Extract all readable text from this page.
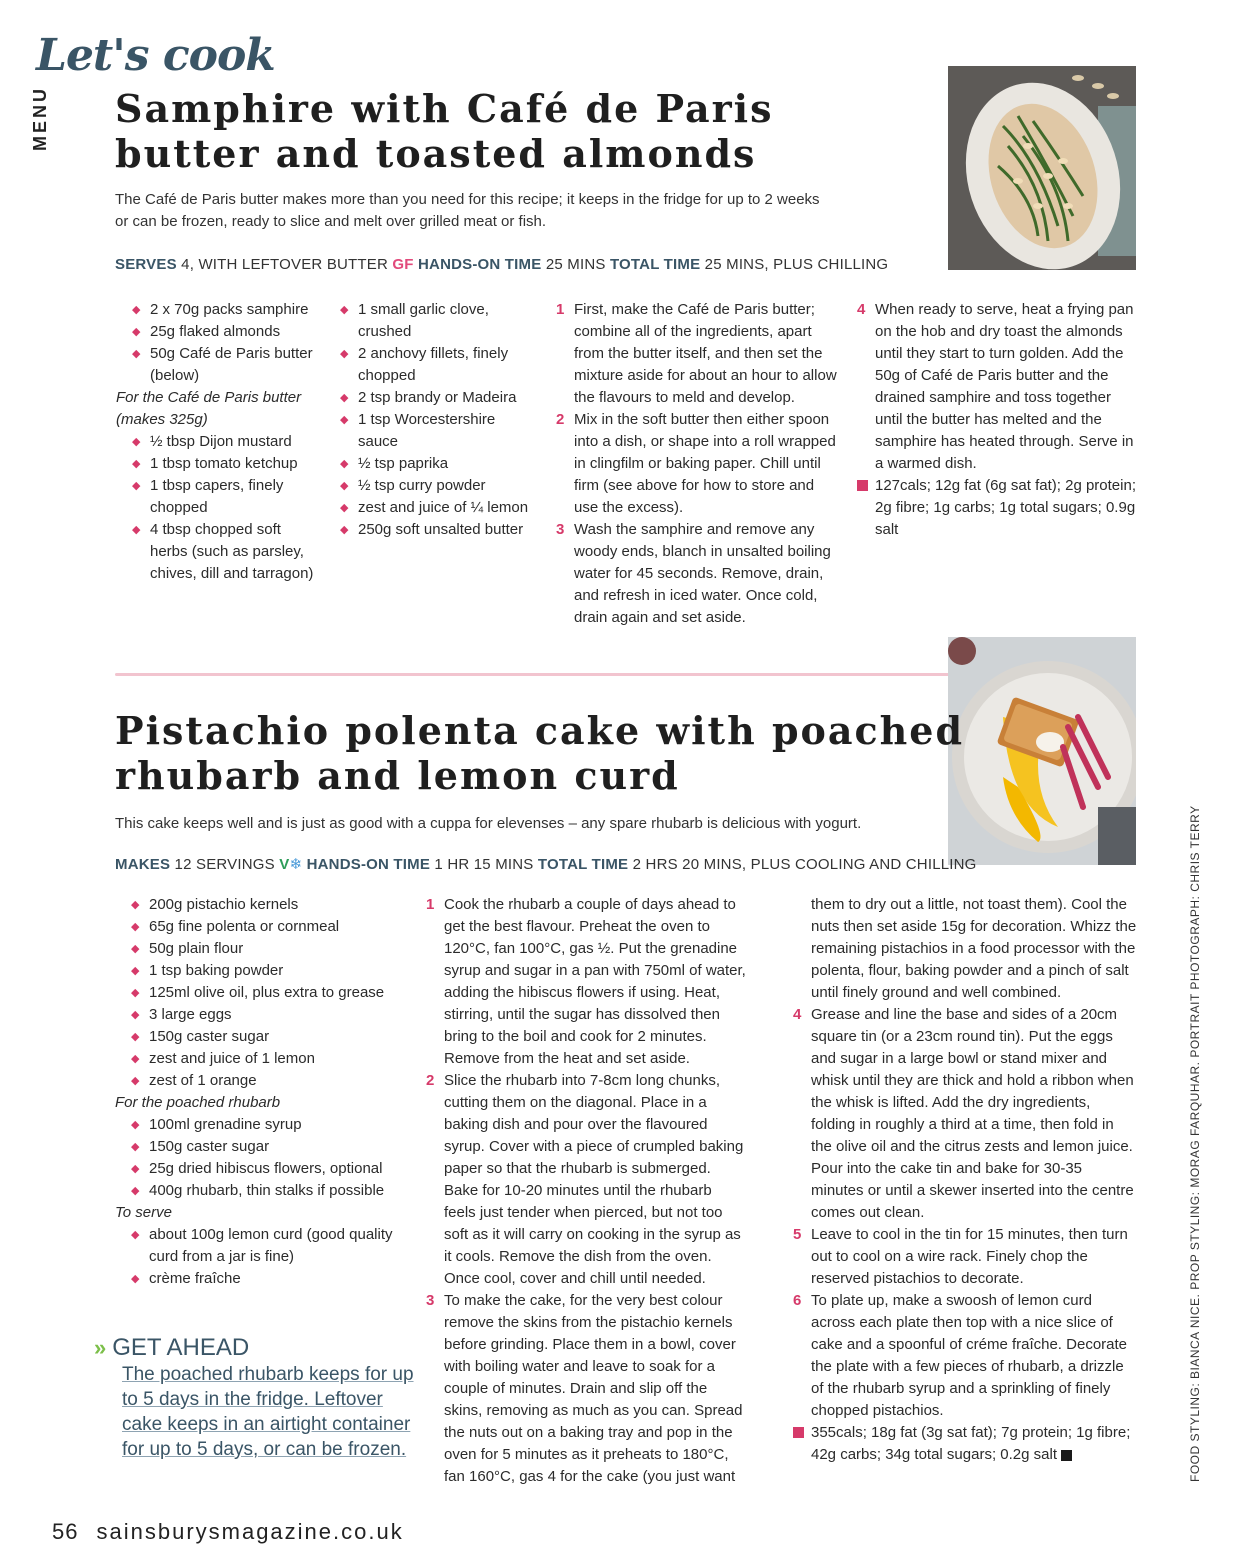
Let's cook
MENU Samphire with Café de Paris
butter and toasted almonds
The Café de Paris butter makes more than you need for this recipe; it keeps in the fridge for up to 2 weeks
or can be frozen, ready to slice and melt over grilled meat or fish.
SERVES 4, WITH LEFTOVER BUTTER GF HANDS-ON TIME 25 MINS TOTAL TIME 25 MINS, PLUS CHILLING
◆ 2 x 70g packs samphire
◆ 25g flaked almonds
◆ 50g Café de Paris butter (below)
For the Café de Paris butter (makes 325g)
◆ ½ tbsp Dijon mustard
◆ 1 tbsp tomato ketchup
◆ 1 tbsp capers, finely chopped
◆ 4 tbsp chopped soft herbs (such as parsley, chives, dill and tarragon)
◆ 1 small garlic clove, crushed
◆ 2 anchovy fillets, finely chopped
◆ 2 tsp brandy or Madeira
◆ 1 tsp Worcestershire sauce
◆ ½ tsp paprika
◆ ½ tsp curry powder
◆ zest and juice of ¼ lemon
◆ 250g soft unsalted butter
1 First, make the Café de Paris butter; combine all of the ingredients, apart from the butter itself, and then set the mixture aside for about an hour to allow the flavours to meld and develop.
2 Mix in the soft butter then either spoon into a dish, or shape into a roll wrapped in clingfilm or baking paper. Chill until firm (see above for how to store and use the excess).
3 Wash the samphire and remove any woody ends, blanch in unsalted boiling water for 45 seconds. Remove, drain, and refresh in iced water. Once cold, drain again and set aside.
4 When ready to serve, heat a frying pan on the hob and dry toast the almonds until they start to turn golden. Add the 50g of Café de Paris butter and the drained samphire and toss together until the butter has melted and the samphire has heated through. Serve in a warmed dish.
127cals; 12g fat (6g sat fat); 2g protein; 2g fibre; 1g carbs; 1g total sugars; 0.9g salt
Pistachio polenta cake with poached
rhubarb and lemon curd
This cake keeps well and is just as good with a cuppa for elevenses – any spare rhubarb is delicious with yogurt.
MAKES 12 SERVINGS V❄ HANDS-ON TIME 1 HR 15 MINS TOTAL TIME 2 HRS 20 MINS, PLUS COOLING AND CHILLING
◆ 200g pistachio kernels
◆ 65g fine polenta or cornmeal
◆ 50g plain flour
◆ 1 tsp baking powder
◆ 125ml olive oil, plus extra to grease
◆ 3 large eggs
◆ 150g caster sugar
◆ zest and juice of 1 lemon
◆ zest of 1 orange
For the poached rhubarb
◆ 100ml grenadine syrup
◆ 150g caster sugar
◆ 25g dried hibiscus flowers, optional
◆ 400g rhubarb, thin stalks if possible
To serve
◆ about 100g lemon curd (good quality curd from a jar is fine)
◆ crème fraîche
1 Cook the rhubarb a couple of days ahead to get the best flavour. Preheat the oven to 120°C, fan 100°C, gas ½. Put the grenadine syrup and sugar in a pan with 750ml of water, adding the hibiscus flowers if using. Heat, stirring, until the sugar has dissolved then bring to the boil and cook for 2 minutes. Remove from the heat and set aside.
2 Slice the rhubarb into 7-8cm long chunks, cutting them on the diagonal. Place in a baking dish and pour over the flavoured syrup. Cover with a piece of crumpled baking paper so that the rhubarb is submerged. Bake for 10-20 minutes until the rhubarb feels just tender when pierced, but not too soft as it will carry on cooking in the syrup as it cools. Remove the dish from the oven. Once cool, cover and chill until needed.
3 To make the cake, for the very best colour remove the skins from the pistachio kernels before grinding. Place them in a bowl, cover with boiling water and leave to soak for a couple of minutes. Drain and slip off the skins, removing as much as you can. Spread the nuts out on a baking tray and pop in the oven for 5 minutes as it preheats to 180°C, fan 160°C, gas 4 for the cake (you just want
them to dry out a little, not toast them). Cool the nuts then set aside 15g for decoration. Whizz the remaining pistachios in a food processor with the polenta, flour, baking powder and a pinch of salt until finely ground and well combined.
4 Grease and line the base and sides of a 20cm square tin (or a 23cm round tin). Put the eggs and sugar in a large bowl or stand mixer and whisk until they are thick and hold a ribbon when the whisk is lifted. Add the dry ingredients, folding in roughly a third at a time, then fold in the olive oil and the citrus zests and lemon juice. Pour into the cake tin and bake for 30-35 minutes or until a skewer inserted into the centre comes out clean.
5 Leave to cool in the tin for 15 minutes, then turn out to cool on a wire rack. Finely chop the reserved pistachios to decorate.
6 To plate up, make a swoosh of lemon curd across each plate then top with a nice slice of cake and a spoonful of créme fraîche. Decorate the plate with a few pieces of rhubarb, a drizzle of the rhubarb syrup and a sprinkling of finely chopped pistachios.
355cals; 18g fat (3g sat fat); 7g protein; 1g fibre; 42g carbs; 34g total sugars; 0.2g salt
» GET AHEAD
The poached rhubarb keeps for up to 5 days in the fridge. Leftover cake keeps in an airtight container for up to 5 days, or can be frozen.
56 sainsburysmagazine.co.uk
FOOD STYLING: BIANCA NICE. PROP STYLING: MORAG FARQUHAR. PORTRAIT PHOTOGRAPH: CHRIS TERRY
